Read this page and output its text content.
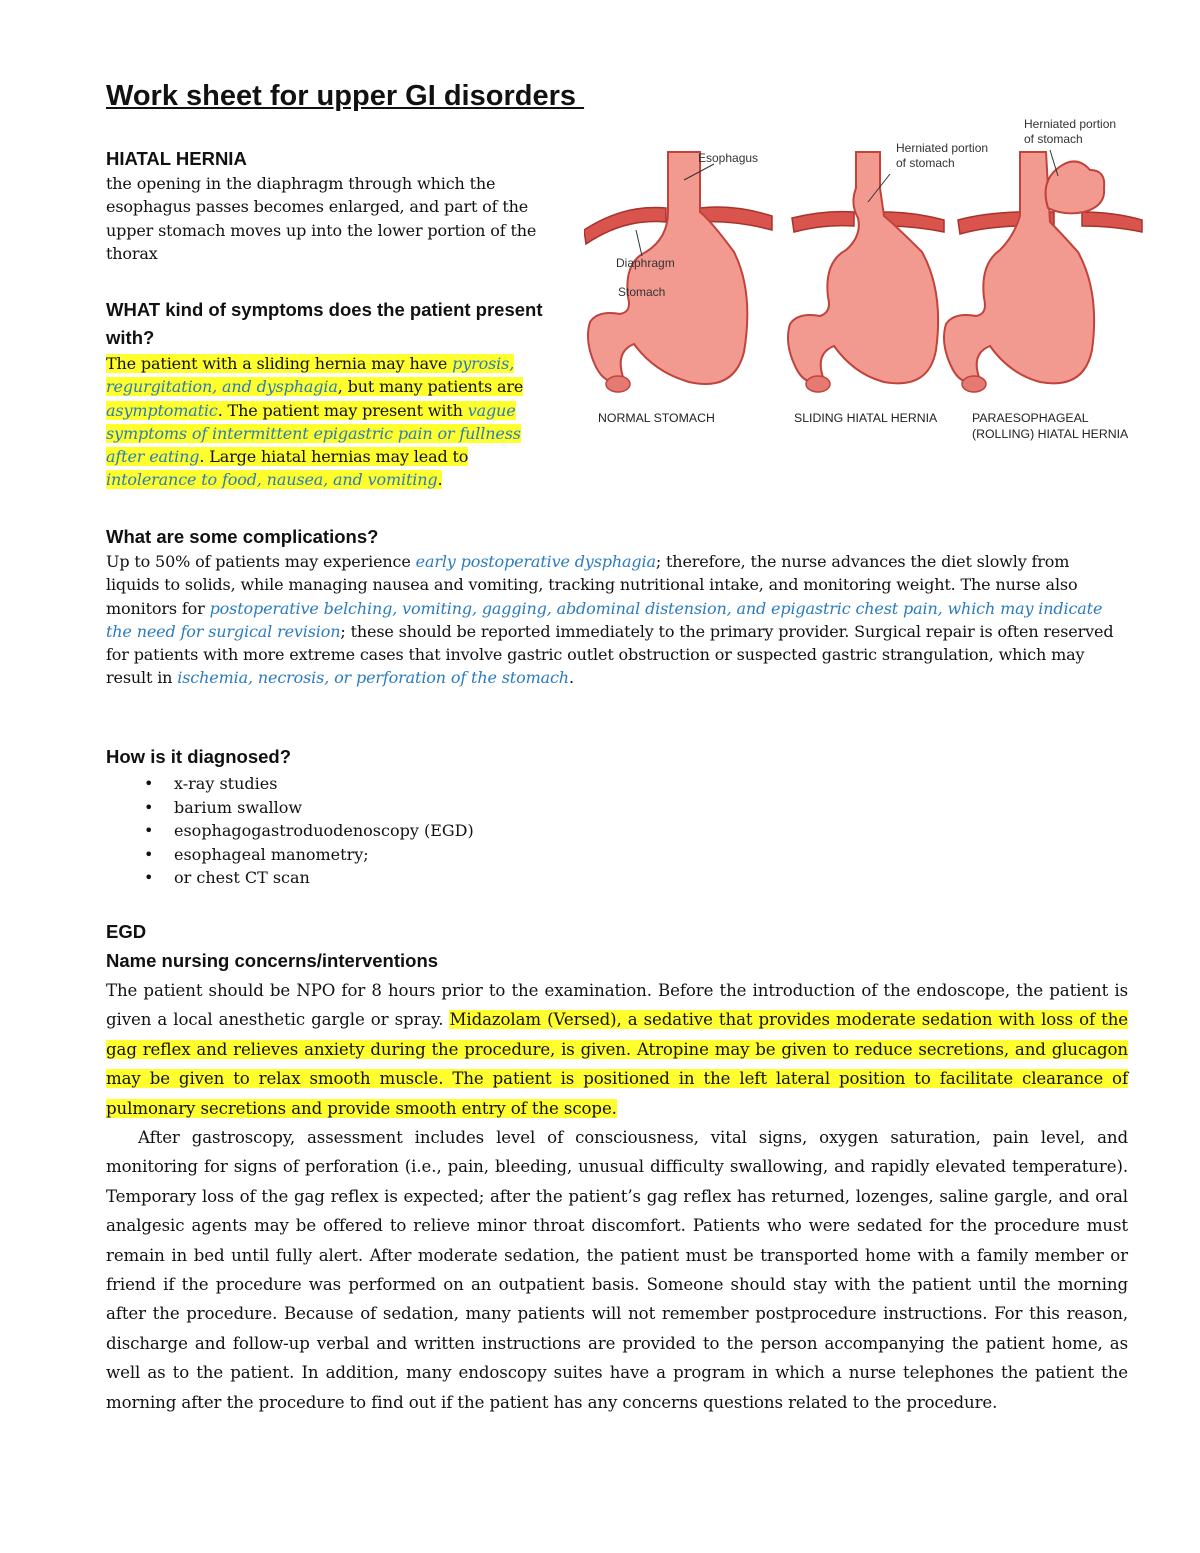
Work sheet for upper GI disorders
HIATAL HERNIA

the opening in the diaphragm through which the esophagus passes becomes enlarged, and part of the upper stomach moves up into the lower portion of the thorax

WHAT kind of symptoms does the patient present with?

The patient with a sliding hernia may have pyrosis, regurgitation, and dysphagia, but many patients are asymptomatic. The patient may present with vague symptoms of intermittent epigastric pain or fullness after eating. Large hiatal hernias may lead to intolerance to food, nausea, and vomiting.

What are some complications?

Up to 50% of patients may experience early postoperative dysphagia; therefore, the nurse advances the diet slowly from liquids to solids, while managing nausea and vomiting, tracking nutritional intake, and monitoring weight. The nurse also monitors for postoperative belching, vomiting, gagging, abdominal distension, and epigastric chest pain, which may indicate the need for surgical revision; these should be reported immediately to the primary provider. Surgical repair is often reserved for patients with more extreme cases that involve gastric outlet obstruction or suspected gastric strangulation, which may result in ischemia, necrosis, or perforation of the stomach.

How is it diagnosed?
• x-ray studies
• barium swallow
• esophagogastroduodenoscopy (EGD)
• esophageal manometry;
• or chest CT scan
EGD
Name nursing concerns/interventions

The patient should be NPO for 8 hours prior to the examination. Before the introduction of the endoscope, the patient is given a local anesthetic gargle or spray. Midazolam (Versed), a sedative that provides moderate sedation with loss of the gag reflex and relieves anxiety during the procedure, is given. Atropine may be given to reduce secretions, and glucagon may be given to relax smooth muscle. The patient is positioned in the left lateral position to facilitate clearance of pulmonary secretions and provide smooth entry of the scope.

After gastroscopy, assessment includes level of consciousness, vital signs, oxygen saturation, pain level, and monitoring for signs of perforation (i.e., pain, bleeding, unusual difficulty swallowing, and rapidly elevated temperature). Temporary loss of the gag reflex is expected; after the patient’s gag reflex has returned, lozenges, saline gargle, and oral analgesic agents may be offered to relieve minor throat discomfort. Patients who were sedated for the procedure must remain in bed until fully alert. After moderate sedation, the patient must be transported home with a family member or friend if the procedure was performed on an outpatient basis. Someone should stay with the patient until the morning after the procedure. Because of sedation, many patients will not remember postprocedure instructions. For this reason, discharge and follow-up verbal and written instructions are provided to the person accompanying the patient home, as well as to the patient. In addition, many endoscopy suites have a program in which a nurse telephones the patient the morning after the procedure to find out if the patient has any concerns questions related to the procedure.

Esophagus
Diaphragm
Stomach
Herniated portion
of stomach
Herniated portion
of stomach
NORMAL STOMACH	SLIDING HIATAL HERNIA	PARAESOPHAGEAL
(ROLLING) HIATAL HERNIA
